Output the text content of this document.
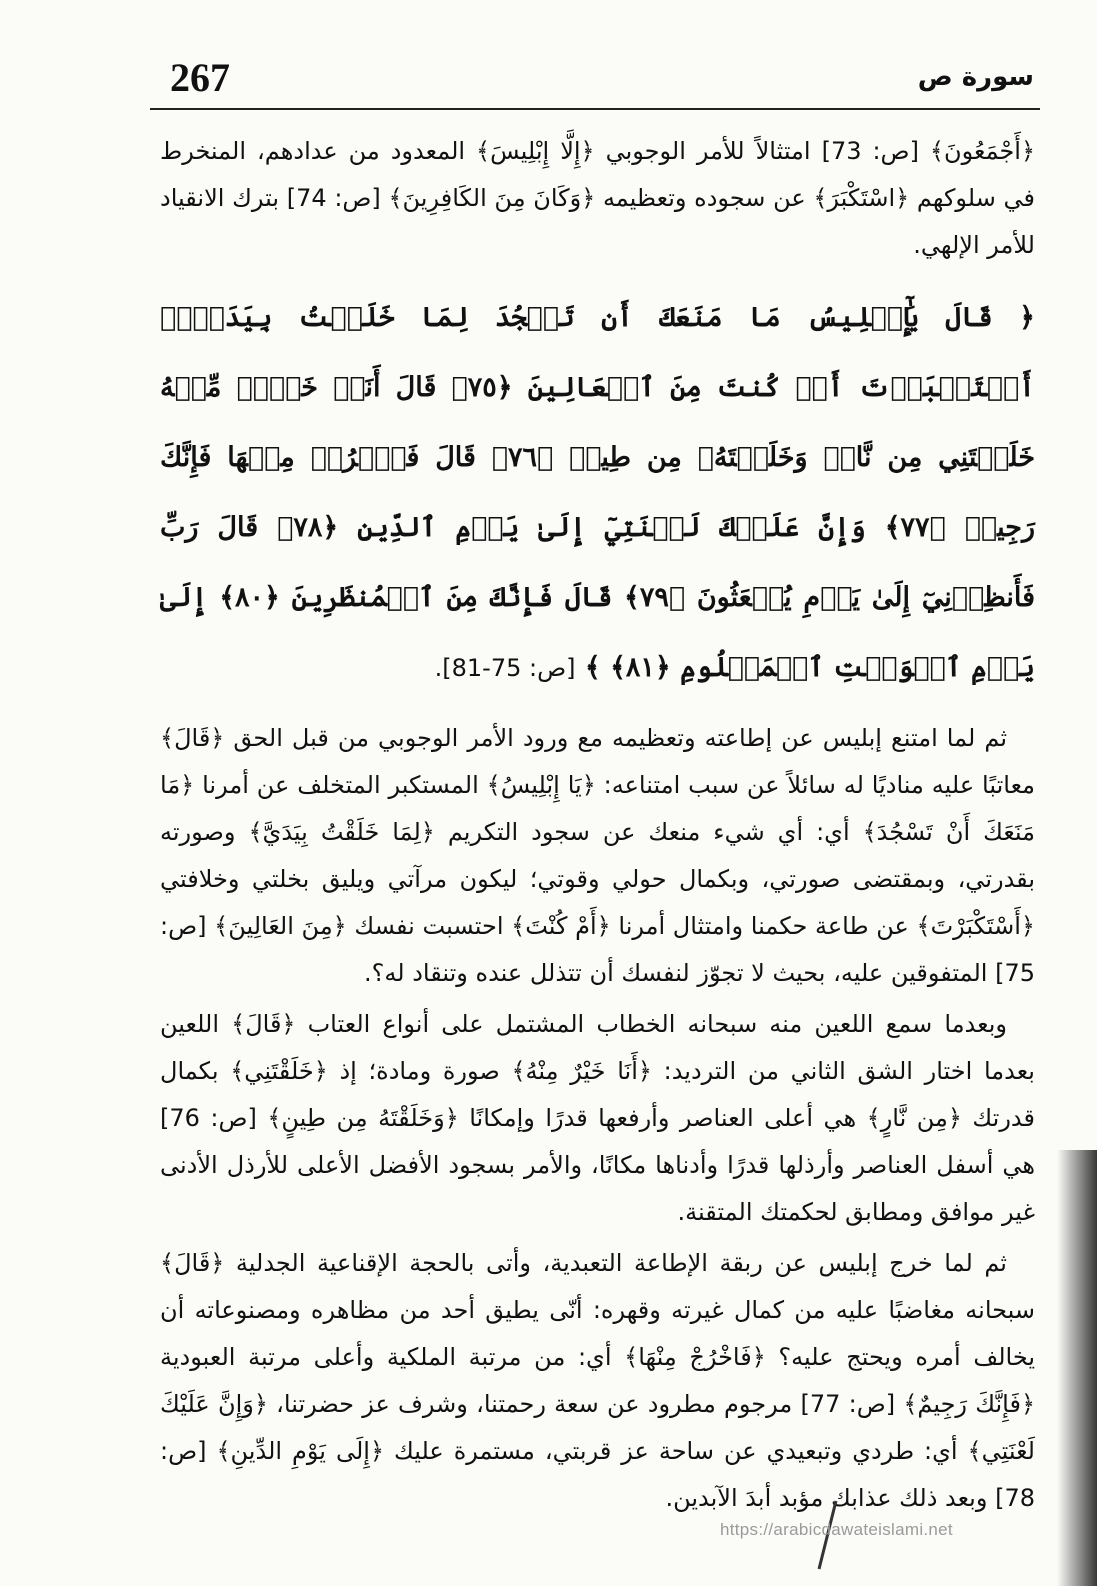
267	سورة ص

﴿أَجْمَعُونَ﴾ [ص: 73] امتثالاً للأمر الوجوبي ﴿إِلَّا إِبْلِيسَ﴾ المعدود من عدادهم، المنخرط في سلوكهم ﴿اسْتَكْبَرَ﴾ عن سجوده وتعظيمه ﴿وَكَانَ مِنَ الكَافِرِينَ﴾ [ص: 74] بترك الانقياد للأمر الإلهي.

﴿ قَالَ يَٰٓإِبۡلِيسُ مَا مَنَعَكَ أَن تَسۡجُدَ لِمَا خَلَقۡتُ بِيَدَيَّۖ أَسۡتَكۡبَرۡتَ أَمۡ كُنتَ مِنَ ٱلۡعَالِينَ ﴿٧٥﴾ قَالَ أَنَا۠ خَيۡرٞ مِّنۡهُ خَلَقۡتَنِي مِن نَّارٖ وَخَلَقۡتَهُۥ مِن طِينٖ ﴿٧٦﴾ قَالَ فَٱخۡرُجۡ مِنۡهَا فَإِنَّكَ رَجِيمٞ ﴿٧٧﴾ وَإِنَّ عَلَيۡكَ لَعۡنَتِيٓ إِلَىٰ يَوۡمِ ٱلدِّينِ ﴿٧٨﴾ قَالَ رَبِّ فَأَنظِرۡنِيٓ إِلَىٰ يَوۡمِ يُبۡعَثُونَ ﴿٧٩﴾ قَالَ فَإِنَّكَ مِنَ ٱلۡمُنظَرِينَ ﴿٨٠﴾ إِلَىٰ يَوۡمِ ٱلۡوَقۡتِ ٱلۡمَعۡلُومِ ﴿٨١﴾ ﴾ [ص: 75-81].

ثم لما امتنع إبليس عن إطاعته وتعظيمه مع ورود الأمر الوجوبي من قبل الحق ﴿قَالَ﴾ معاتبًا عليه مناديًا له سائلاً عن سبب امتناعه: ﴿يَا إِبْلِيسُ﴾ المستكبر المتخلف عن أمرنا ﴿مَا مَنَعَكَ أَنْ تَسْجُدَ﴾ أي: أي شيء منعك عن سجود التكريم ﴿لِمَا خَلَقْتُ بِيَدَيَّ﴾ وصورته بقدرتي، وبمقتضى صورتي، وبكمال حولي وقوتي؛ ليكون مرآتي ويليق بخلتي وخلافتي ﴿أَسْتَكْبَرْتَ﴾ عن طاعة حكمنا وامتثال أمرنا ﴿أَمْ كُنْتَ﴾ احتسبت نفسك ﴿مِنَ العَالِينَ﴾ [ص: 75] المتفوقين عليه، بحيث لا تجوّز لنفسك أن تتذلل عنده وتنقاد له؟.

وبعدما سمع اللعين منه سبحانه الخطاب المشتمل على أنواع العتاب ﴿قَالَ﴾ اللعين بعدما اختار الشق الثاني من الترديد: ﴿أَنَا خَيْرٌ مِنْهُ﴾ صورة ومادة؛ إذ ﴿خَلَقْتَنِي﴾ بكمال قدرتك ﴿مِن نَّارٍ﴾ هي أعلى العناصر وأرفعها قدرًا وإمكانًا ﴿وَخَلَقْتَهُ مِن طِينٍ﴾ [ص: 76] هي أسفل العناصر وأرذلها قدرًا وأدناها مكانًا، والأمر بسجود الأفضل الأعلى للأرذل الأدنى غير موافق ومطابق لحكمتك المتقنة.

ثم لما خرج إبليس عن ربقة الإطاعة التعبدية، وأتى بالحجة الإقناعية الجدلية ﴿قَالَ﴾ سبحانه مغاضبًا عليه من كمال غيرته وقهره: أنّى يطيق أحد من مظاهره ومصنوعاته أن يخالف أمره ويحتج عليه؟ ﴿فَاخْرُجْ مِنْهَا﴾ أي: من مرتبة الملكية وأعلى مرتبة العبودية ﴿فَإِنَّكَ رَجِيمٌ﴾ [ص: 77] مرجوم مطرود عن سعة رحمتنا، وشرف عز حضرتنا، ﴿وَإِنَّ عَلَيْكَ لَعْنَتِي﴾ أي: طردي وتبعيدي عن ساحة عز قربتي، مستمرة عليك ﴿إِلَى يَوْمِ الدِّينِ﴾ [ص: 78] وبعد ذلك عذابك مؤبد أبدَ الآبدين.

https://arabicdawateislami.net
